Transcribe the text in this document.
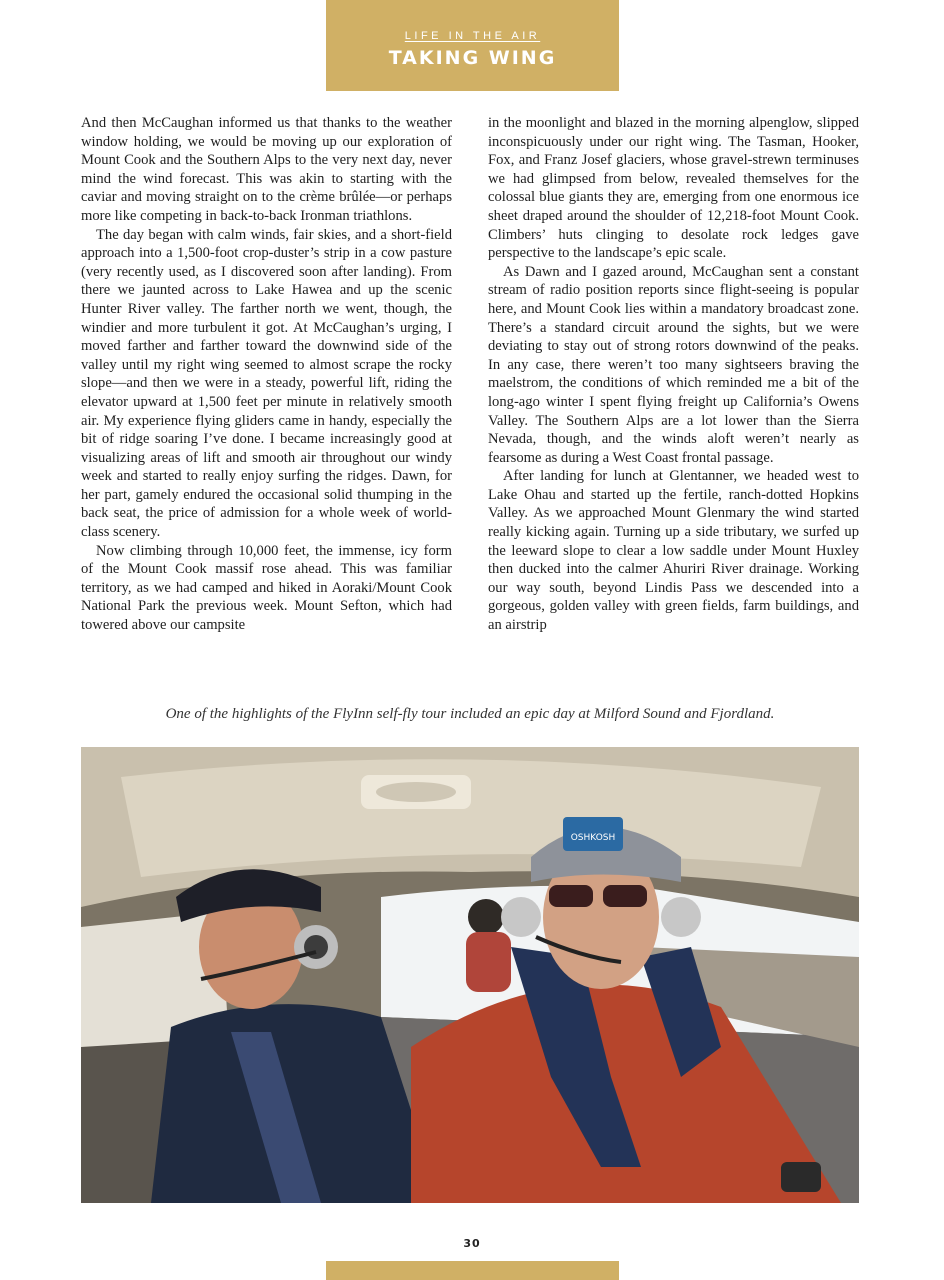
LIFE IN THE AIR
TAKING WING

And then McCaughan informed us that thanks to the weather window holding, we would be moving up our exploration of Mount Cook and the Southern Alps to the very next day, never mind the wind forecast. This was akin to starting with the caviar and moving straight on to the crème brûlée—or perhaps more like competing in back-to-back Ironman triathlons.

The day began with calm winds, fair skies, and a short-field approach into a 1,500-foot crop-duster’s strip in a cow pasture (very recently used, as I discovered soon after landing). From there we jaunted across to Lake Hawea and up the scenic Hunter River valley. The farther north we went, though, the windier and more turbulent it got. At McCaughan’s urging, I moved farther and farther toward the downwind side of the valley until my right wing seemed to almost scrape the rocky slope—and then we were in a steady, powerful lift, riding the elevator upward at 1,500 feet per minute in relatively smooth air. My experience flying gliders came in handy, especially the bit of ridge soaring I’ve done. I became increasingly good at visualizing areas of lift and smooth air throughout our windy week and started to really enjoy surfing the ridges. Dawn, for her part, gamely endured the occasional solid thumping in the back seat, the price of admission for a whole week of world-class scenery.

Now climbing through 10,000 feet, the immense, icy form of the Mount Cook massif rose ahead. This was familiar territory, as we had camped and hiked in Aoraki/Mount Cook National Park the previous week. Mount Sefton, which had towered above our campsite

in the moonlight and blazed in the morning alpenglow, slipped inconspicuously under our right wing. The Tasman, Hooker, Fox, and Franz Josef glaciers, whose gravel-strewn terminuses we had glimpsed from below, revealed themselves for the colossal blue giants they are, emerging from one enormous ice sheet draped around the shoulder of 12,218-foot Mount Cook. Climbers’ huts clinging to desolate rock ledges gave perspective to the landscape’s epic scale.

As Dawn and I gazed around, McCaughan sent a constant stream of radio position reports since flight-seeing is popular here, and Mount Cook lies within a mandatory broadcast zone. There’s a standard circuit around the sights, but we were deviating to stay out of strong rotors downwind of the peaks. In any case, there weren’t too many sightseers braving the maelstrom, the conditions of which reminded me a bit of the long-ago winter I spent flying freight up California’s Owens Valley. The Southern Alps are a lot lower than the Sierra Nevada, though, and the winds aloft weren’t nearly as fearsome as during a West Coast frontal passage.

After landing for lunch at Glentanner, we headed west to Lake Ohau and started up the fertile, ranch-dotted Hopkins Valley. As we approached Mount Glenmary the wind started really kicking again. Turning up a side tributary, we surfed up the leeward slope to clear a low saddle under Mount Huxley then ducked into the calmer Ahuriri River drainage. Working our way south, beyond Lindis Pass we descended into a gorgeous, golden valley with green fields, farm buildings, and an airstrip

One of the highlights of the FlyInn self-fly tour included an epic day at Milford Sound and Fjordland.
OSHKOSH
30
